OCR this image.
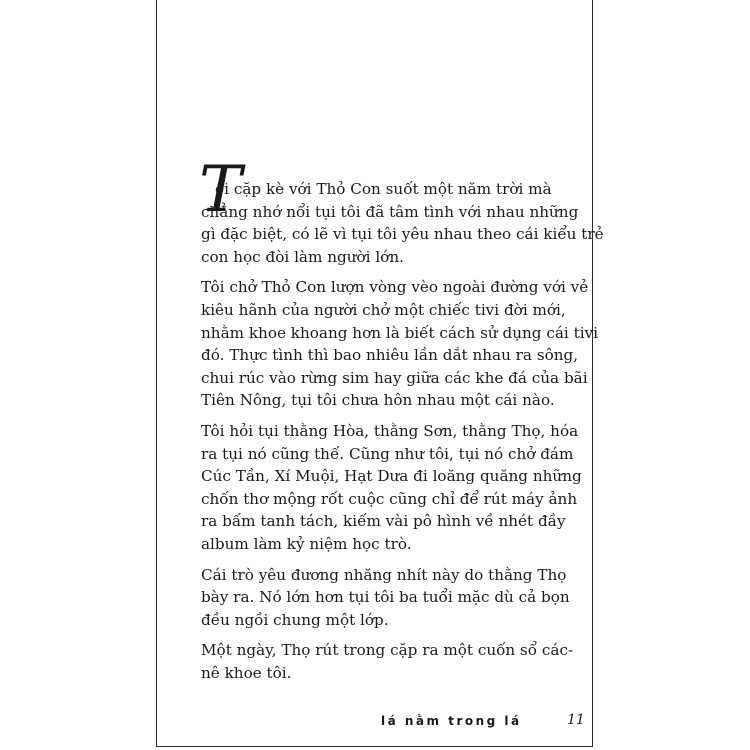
T
ôi cặp kè với Thỏ Con suốt một năm trời mà
chẳng nhớ nổi tụi tôi đã tâm tình với nhau những
gì đặc biệt, có lẽ vì tụi tôi yêu nhau theo cái kiểu trẻ
con học đòi làm người lớn.
Tôi chở Thỏ Con lượn vòng vèo ngoài đường với vẻ
kiêu hãnh của người chở một chiếc tivi đời mới,
nhằm khoe khoang hơn là biết cách sử dụng cái tivi
đó. Thực tình thì bao nhiêu lần dắt nhau ra sông,
chui rúc vào rừng sim hay giữa các khe đá của bãi
Tiên Nông, tụi tôi chưa hôn nhau một cái nào.
Tôi hỏi tụi thằng Hòa, thằng Sơn, thằng Thọ, hóa
ra tụi nó cũng thế. Cũng như tôi, tụi nó chở đám
Cúc Tần, Xí Muội, Hạt Dưa đi loăng quăng những
chốn thơ mộng rốt cuộc cũng chỉ để rút máy ảnh
ra bấm tanh tách, kiếm vài pô hình về nhét đầy
album làm kỷ niệm học trò.
Cái trò yêu đương nhăng nhít này do thằng Thọ
bày ra. Nó lớn hơn tụi tôi ba tuổi mặc dù cả bọn
đều ngồi chung một lớp.
Một ngày, Thọ rút trong cặp ra một cuốn sổ các-
nê khoe tôi.
lá nằm trong lá	11
